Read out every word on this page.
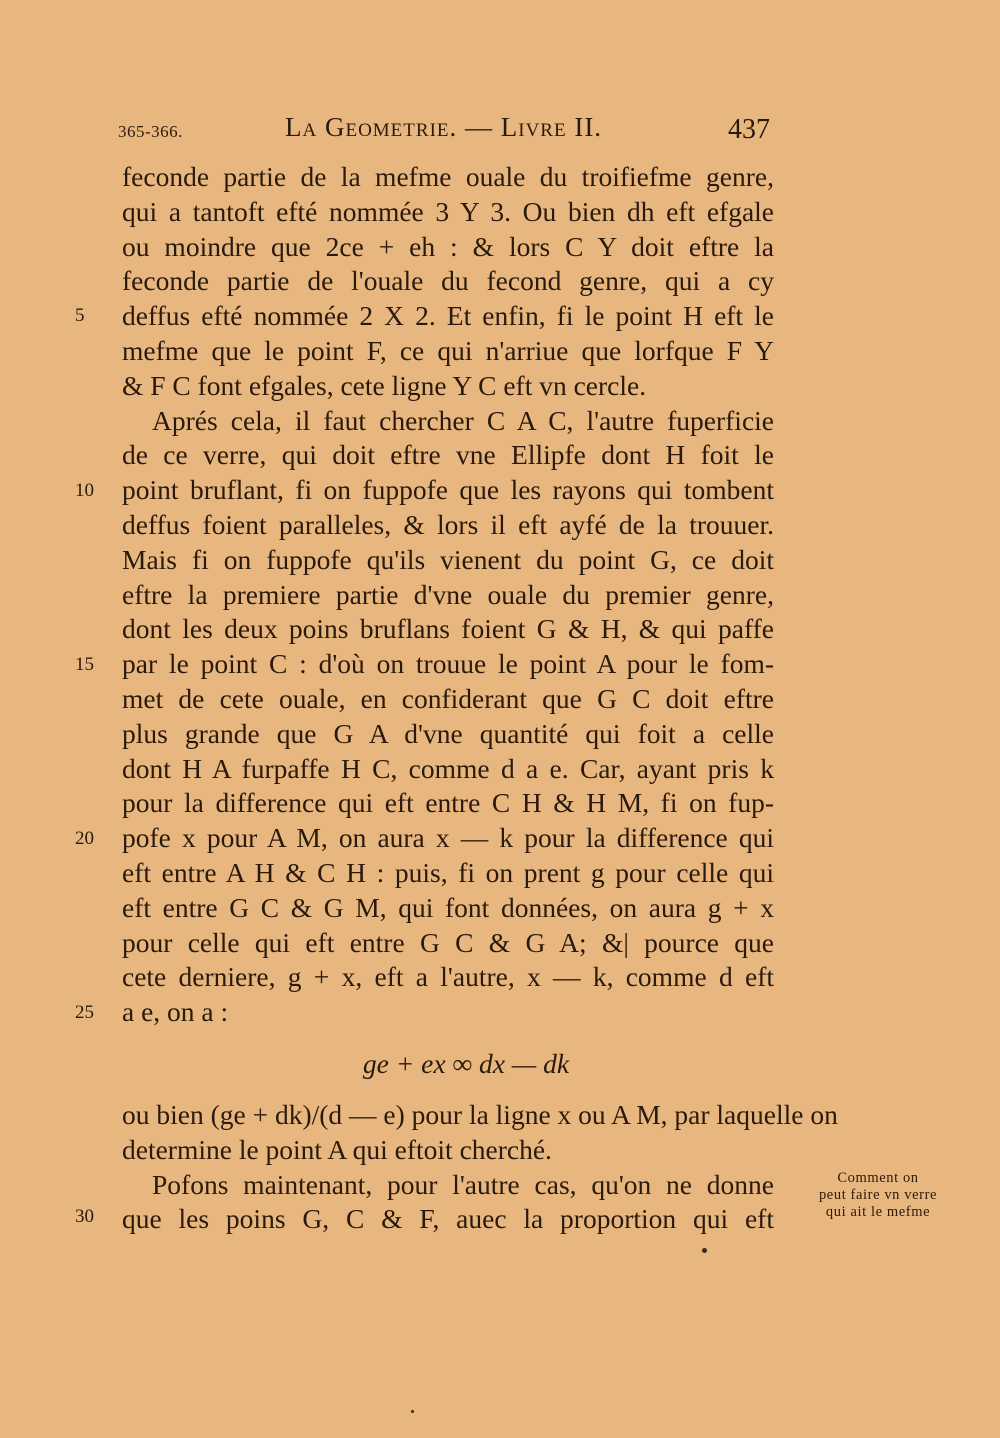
365-366.	La Geometrie. — Livre II.	437
feconde partie de la mefme ouale du troifiefme genre,
qui a tantoft efté nommée 3 Y 3. Ou bien dh eft efgale
ou moindre que 2ce + eh : & lors C Y doit eftre la
feconde partie de l'ouale du fecond genre, qui a cy
deffus efté nommée 2 X 2. Et enfin, fi le point H eft le
mefme que le point F, ce qui n'arriue que lorfque F Y
& F C font efgales, cete ligne Y C eft vn cercle.
Aprés cela, il faut chercher C A C, l'autre fuperficie
de ce verre, qui doit eftre vne Ellipfe dont H foit le
point bruflant, fi on fuppofe que les rayons qui tombent
deffus foient paralleles, & lors il eft ayfé de la trouuer.
Mais fi on fuppofe qu'ils vienent du point G, ce doit
eftre la premiere partie d'vne ouale du premier genre,
dont les deux poins bruflans foient G & H, & qui paffe
par le point C : d'où on trouue le point A pour le fom-
met de cete ouale, en confiderant que G C doit eftre
plus grande que G A d'vne quantité qui foit a celle
dont H A furpaffe H C, comme d a e. Car, ayant pris k
pour la difference qui eft entre C H & H M, fi on fup-
pofe x pour A M, on aura x — k pour la difference qui
eft entre A H & C H : puis, fi on prent g pour celle qui
eft entre G C & G M, qui font données, on aura g + x
pour celle qui eft entre G C & G A; &| pource que
cete derniere, g + x, eft a l'autre, x — k, comme d eft
a e, on a :
ge + ex ∞ dx — dk
ou bien (ge + dk)/(d — e) pour la ligne x ou A M, par laquelle on
determine le point A qui eftoit cherché.
Pofons maintenant, pour l'autre cas, qu'on ne donne
que les poins G, C & F, auec la proportion qui eft
5
10
15
20
25
30
Comment on
peut faire vn verre
qui ait le mefme
